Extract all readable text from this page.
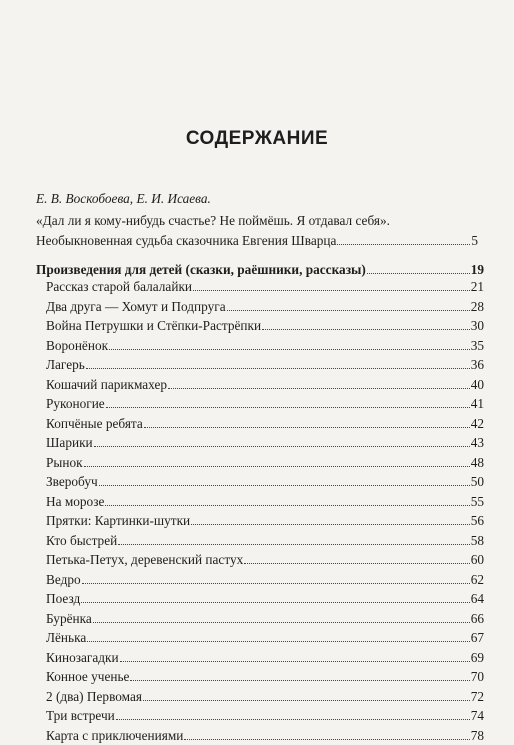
СОДЕРЖАНИЕ
Е. В. Воскобоева, Е. И. Исаева.
«Дал ли я кому-нибудь счастье? Не поймёшь. Я отдавал себя».
Необыкновенная судьба сказочника Евгения Шварца	5
Произведения для детей (сказки, раёшники, рассказы)	19
Рассказ старой балалайки	21
Два друга — Хомут и Подпруга	28
Война Петрушки и Стёпки-Растрёпки	30
Воронёнок	35
Лагерь	36
Кошачий парикмахер	40
Руконогие	41
Копчёные ребята	42
Шарики	43
Рынок	48
Зверобуч	50
На морозе	55
Прятки: Картинки-шутки	56
Кто быстрей	58
Петька-Петух, деревенский пастух	60
Ведро	62
Поезд	64
Бурёнка	66
Лёнька	67
Кинозагадки	69
Конное ученье	70
2 (два) Первомая	72
Три встречи	74
Карта с приключениями	78
